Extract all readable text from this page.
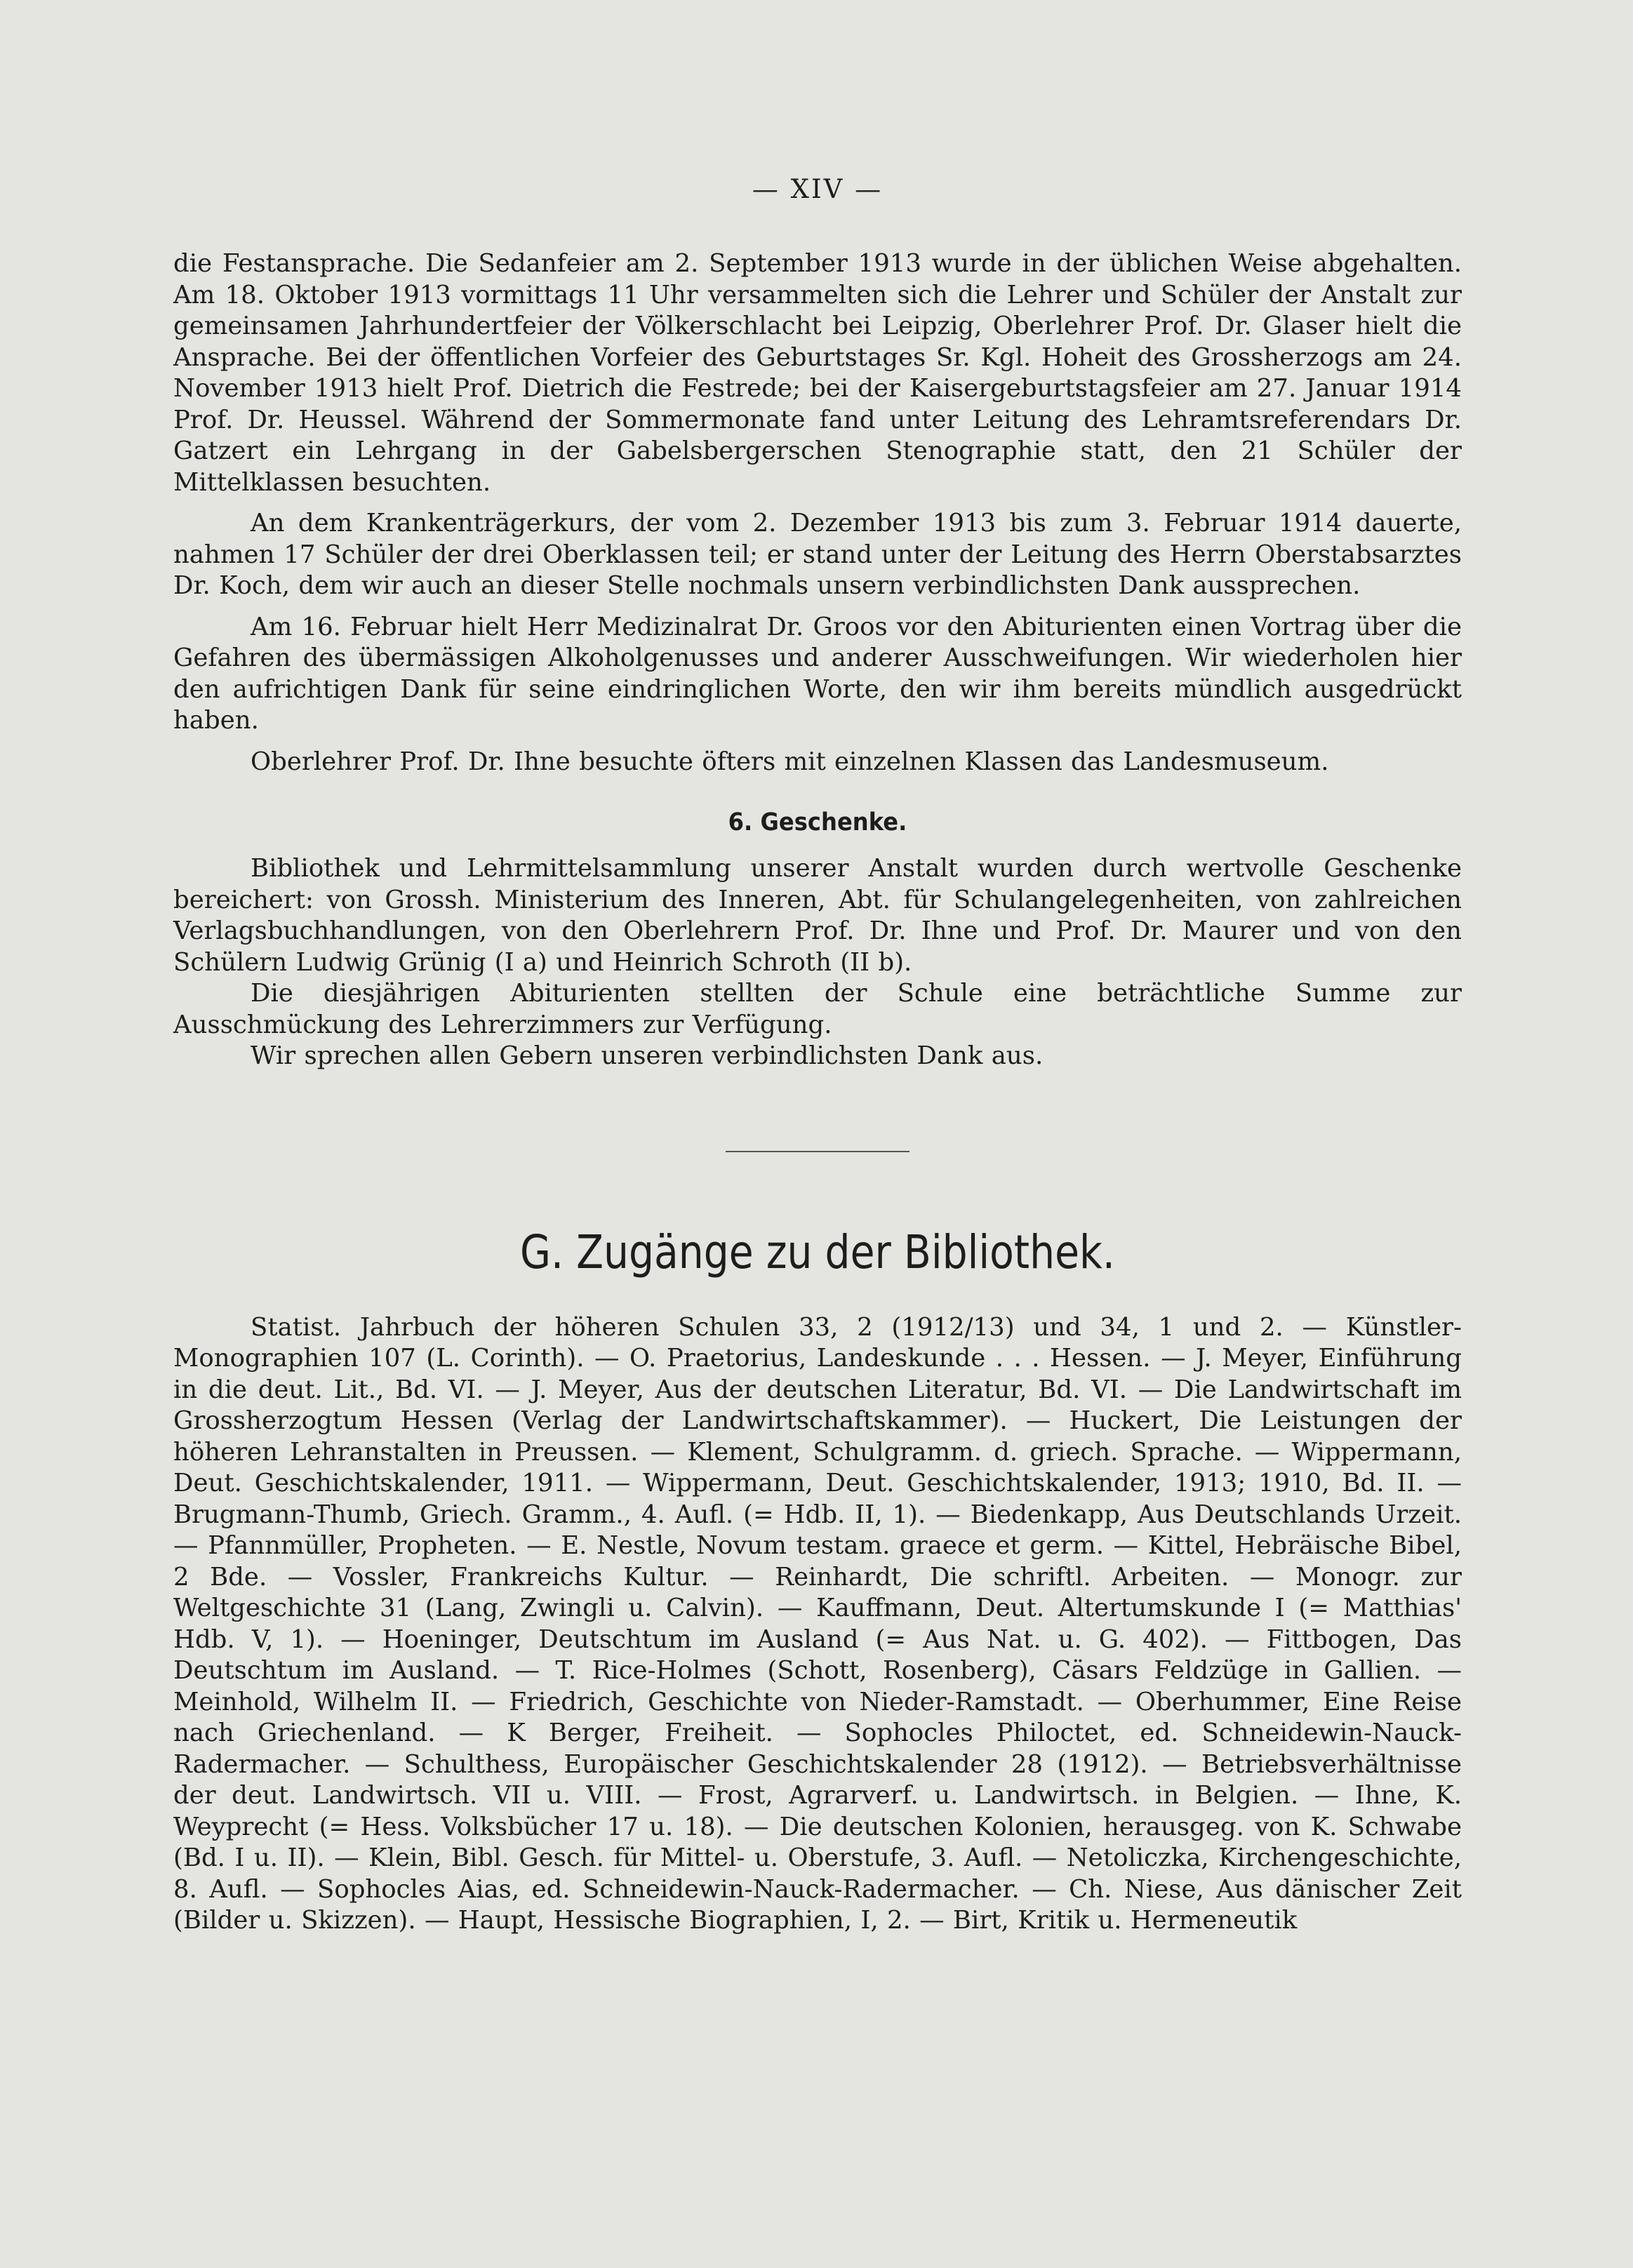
— XIV —

die Festansprache. Die Sedanfeier am 2. September 1913 wurde in der üblichen Weise abgehalten. Am 18. Oktober 1913 vormittags 11 Uhr versammelten sich die Lehrer und Schüler der Anstalt zur gemeinsamen Jahrhundertfeier der Völkerschlacht bei Leipzig, Oberlehrer Prof. Dr. Glaser hielt die Ansprache. Bei der öffentlichen Vorfeier des Geburtstages Sr. Kgl. Hoheit des Grossherzogs am 24. November 1913 hielt Prof. Dietrich die Festrede; bei der Kaisergeburtstagsfeier am 27. Januar 1914 Prof. Dr. Heussel. Während der Sommermonate fand unter Leitung des Lehramtsreferendars Dr. Gatzert ein Lehrgang in der Gabelsbergerschen Stenographie statt, den 21 Schüler der Mittelklassen besuchten.

An dem Krankenträgerkurs, der vom 2. Dezember 1913 bis zum 3. Februar 1914 dauerte, nahmen 17 Schüler der drei Oberklassen teil; er stand unter der Leitung des Herrn Oberstabsarztes Dr. Koch, dem wir auch an dieser Stelle nochmals unsern verbindlichsten Dank aussprechen.

Am 16. Februar hielt Herr Medizinalrat Dr. Groos vor den Abiturienten einen Vortrag über die Gefahren des übermässigen Alkoholgenusses und anderer Ausschweifungen. Wir wiederholen hier den aufrichtigen Dank für seine eindringlichen Worte, den wir ihm bereits mündlich ausgedrückt haben.

Oberlehrer Prof. Dr. Ihne besuchte öfters mit einzelnen Klassen das Landesmuseum.

6. Geschenke.

Bibliothek und Lehrmittelsammlung unserer Anstalt wurden durch wertvolle Geschenke bereichert: von Grossh. Ministerium des Inneren, Abt. für Schulangelegenheiten, von zahlreichen Verlagsbuchhandlungen, von den Oberlehrern Prof. Dr. Ihne und Prof. Dr. Maurer und von den Schülern Ludwig Grünig (I a) und Heinrich Schroth (II b).

Die diesjährigen Abiturienten stellten der Schule eine beträchtliche Summe zur Ausschmückung des Lehrerzimmers zur Verfügung.

Wir sprechen allen Gebern unseren verbindlichsten Dank aus.

G. Zugänge zu der Bibliothek.

Statist. Jahrbuch der höheren Schulen 33, 2 (1912/13) und 34, 1 und 2. — Künstler-Monographien 107 (L. Corinth). — O. Praetorius, Landeskunde . . . Hessen. — J. Meyer, Einführung in die deut. Lit., Bd. VI. — J. Meyer, Aus der deutschen Literatur, Bd. VI. — Die Landwirtschaft im Grossherzogtum Hessen (Verlag der Landwirtschaftskammer). — Huckert, Die Leistungen der höheren Lehranstalten in Preussen. — Klement, Schulgramm. d. griech. Sprache. — Wippermann, Deut. Geschichtskalender, 1911. — Wippermann, Deut. Geschichtskalender, 1913; 1910, Bd. II. — Brugmann-Thumb, Griech. Gramm., 4. Aufl. (= Hdb. II, 1). — Biedenkapp, Aus Deutschlands Urzeit. — Pfannmüller, Propheten. — E. Nestle, Novum testam. graece et germ. — Kittel, Hebräische Bibel, 2 Bde. — Vossler, Frankreichs Kultur. — Reinhardt, Die schriftl. Arbeiten. — Monogr. zur Weltgeschichte 31 (Lang, Zwingli u. Calvin). — Kauffmann, Deut. Altertumskunde I (= Matthias' Hdb. V, 1). — Hoeninger, Deutschtum im Ausland (= Aus Nat. u. G. 402). — Fittbogen, Das Deutschtum im Ausland. — T. Rice-Holmes (Schott, Rosenberg), Cäsars Feldzüge in Gallien. — Meinhold, Wilhelm II. — Friedrich, Geschichte von Nieder-Ramstadt. — Oberhummer, Eine Reise nach Griechenland. — K Berger, Freiheit. — Sophocles Philoctet, ed. Schneidewin-Nauck-Radermacher. — Schulthess, Europäischer Geschichtskalender 28 (1912). — Betriebsverhältnisse der deut. Landwirtsch. VII u. VIII. — Frost, Agrarverf. u. Landwirtsch. in Belgien. — Ihne, K. Weyprecht (= Hess. Volksbücher 17 u. 18). — Die deutschen Kolonien, herausgeg. von K. Schwabe (Bd. I u. II). — Klein, Bibl. Gesch. für Mittel- u. Oberstufe, 3. Aufl. — Netoliczka, Kirchengeschichte, 8. Aufl. — Sophocles Aias, ed. Schneidewin-Nauck-Radermacher. — Ch. Niese, Aus dänischer Zeit (Bilder u. Skizzen). — Haupt, Hessische Biographien, I, 2. — Birt, Kritik u. Hermeneutik
